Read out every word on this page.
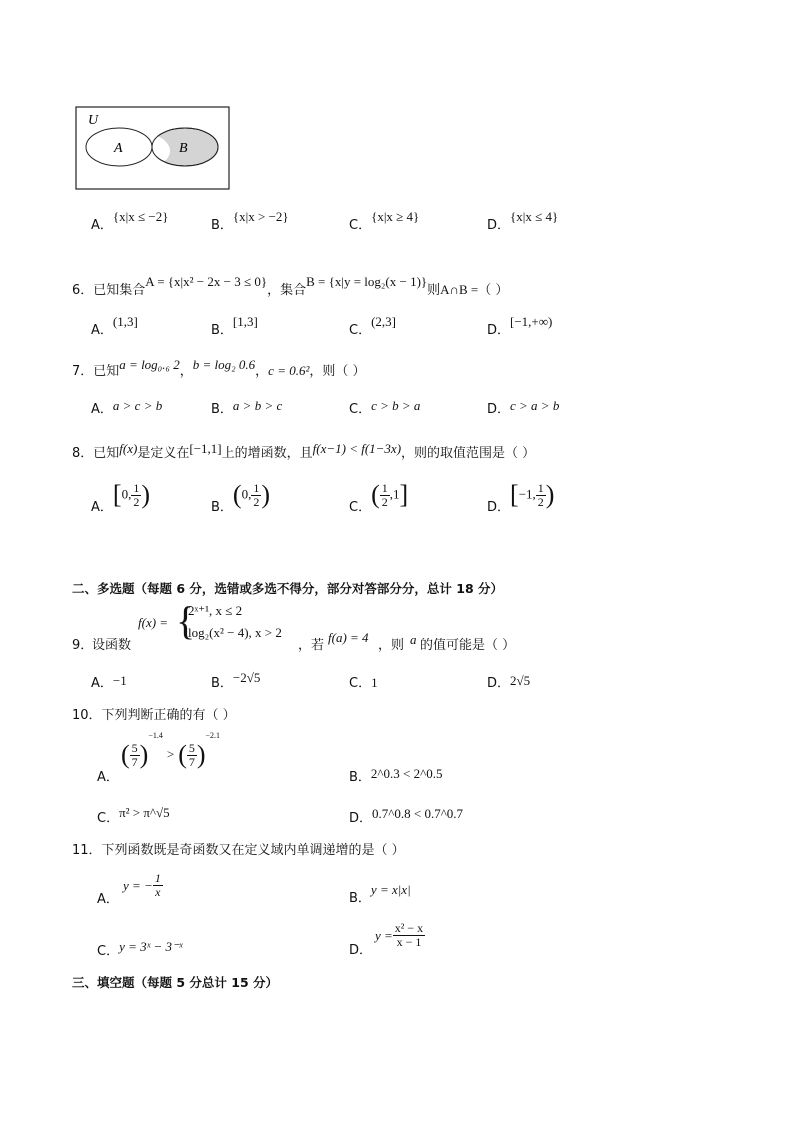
U
A	B
A．{x|x ≤ −2}
B．{x|x > −2}
C．{x|x ≥ 4}
D．{x|x ≤ 4}
6．已知集合A = {x|x² − 2x − 3 ≤ 0}，集合B = {x|y = log₂(x − 1)}则A∩B =（ ）
A．(1,3]
B．[1,3]
C．(2,3]
D．[−1,+∞)
7．已知a = log₀.₆ 2，b = log₂ 0.6，c = 0.6²，则（ ）
A．a > c > b	B．a > b > c	C．c > b > a	D．c > a > b
8．已知f(x)是定义在[−1,1]上的增函数，且f(x−1) < f(1−3x)，则的取值范围是（ ）
A．[0, $\frac{1}{2}$ )	B．(0, $\frac{1}{2}$ )	C．( $\frac{1}{2} ,1$]	D．[−1, $\frac{1}{2}$ )
二、多选题（每题 6 分，选错或多选不得分，部分对答部分分，总计 18 分）
9．
设函数
f(x) = {
2ˣ⁺¹, x ≤ 2
log₂(x² − 4), x > 2
，若
f(a) = 4
，则 a 的值可能是（ ）
A．−1	B．−2√5	C．1	D．2√5
10．下列判断正确的有（ ）
A．
( $\frac{5}{7} )^{-1.4}$ > ( $\frac{5}{7} )^{-2.1}$
B．2^0.3 < 2^0.5
C．π² > π^√5	D．0.7^0.8 < 0.7^0.7
11．下列函数既是奇函数又在定义域内单调递增的是（ ）
A．
y = − $\frac{1}{x}$	B．y = x|x|
C．y = 3ˣ − 3⁻ˣ	D．
$y = \frac{\text{x² − x}}{x - 1}$
三、填空题（每题 5 分总计 15 分）
